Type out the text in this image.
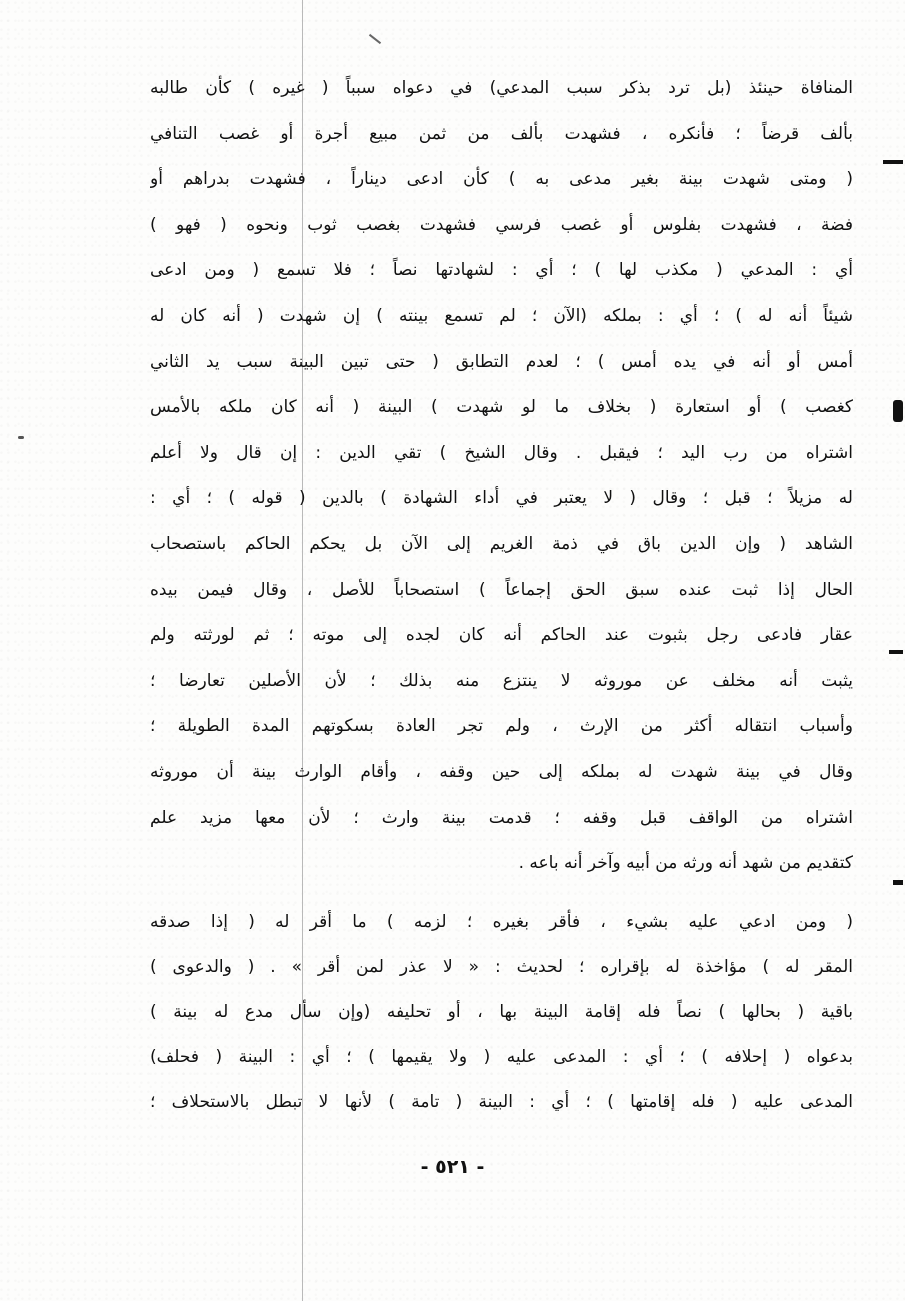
المنافاة حينئذ (بل ترد بذكر سبب المدعي) في دعواه سبباً ( غيره ) كأن طالبه
بألف قرضاً ؛ فأنكره ، فشهدت بألف من ثمن مبيع أجرة أو غصب التنافي
( ومتى شهدت بينة بغير مدعى به ) كأن ادعى ديناراً ، فشهدت بدراهم أو
فضة ، فشهدت بفلوس أو غصب فرسي فشهدت بغصب ثوب ونحوه ( فهو )
أي : المدعي ( مكذب لها ) ؛ أي : لشهادتها نصاً ؛ فلا تسمع ( ومن ادعى
شيئاً أنه له ) ؛ أي : بملكه (الآن ؛ لم تسمع بينته ) إن شهدت ( أنه كان له
أمس أو أنه في يده أمس ) ؛ لعدم التطابق ( حتى تبين البينة سبب يد الثاني
كغصب ) أو استعارة ( بخلاف ما لو شهدت ) البينة ( أنه كان ملكه بالأمس
اشتراه من رب اليد ؛ فيقبل . وقال الشيخ ) تقي الدين : إن قال ولا أعلم
له مزيلاً ؛ قبل ؛ وقال ( لا يعتبر في أداء الشهادة ) بالدين ( قوله ) ؛ أي :
الشاهد ( وإن الدين باق في ذمة الغريم إلى الآن بل يحكم الحاكم باستصحاب
الحال إذا ثبت عنده سبق الحق إجماعاً ) استصحاباً للأصل ، وقال فيمن بيده
عقار فادعى رجل بثبوت عند الحاكم أنه كان لجده إلى موته ؛ ثم لورثته ولم
يثبت أنه مخلف عن موروثه لا ينتزع منه بذلك ؛ لأن الأصلين تعارضا ؛
وأسباب انتقاله أكثر من الإرث ، ولم تجر العادة بسكوتهم المدة الطويلة ؛
وقال في بينة شهدت له بملكه إلى حين وقفه ، وأقام الوارث بينة أن موروثه
اشتراه من الواقف قبل وقفه ؛ قدمت بينة وارث ؛ لأن معها مزيد علم
كتقديم من شهد أنه ورثه من أبيه وآخر أنه باعه .
( ومن ادعي عليه بشيء ، فأقر بغيره ؛ لزمه ) ما أقر له ( إذا صدقه
المقر له ) مؤاخذة له بإقراره ؛ لحديث : « لا عذر لمن أقر » . ( والدعوى )
باقية ( بحالها ) نصاً فله إقامة البينة بها ، أو تحليفه (وإن سأل مدع له بينة )
بدعواه ( إحلافه ) ؛ أي : المدعى عليه ( ولا يقيمها ) ؛ أي : البينة ( فحلف)
المدعى عليه ( فله إقامتها ) ؛ أي : البينة ( تامة ) لأنها لا تبطل بالاستحلاف ؛
- ٥٢١ -
